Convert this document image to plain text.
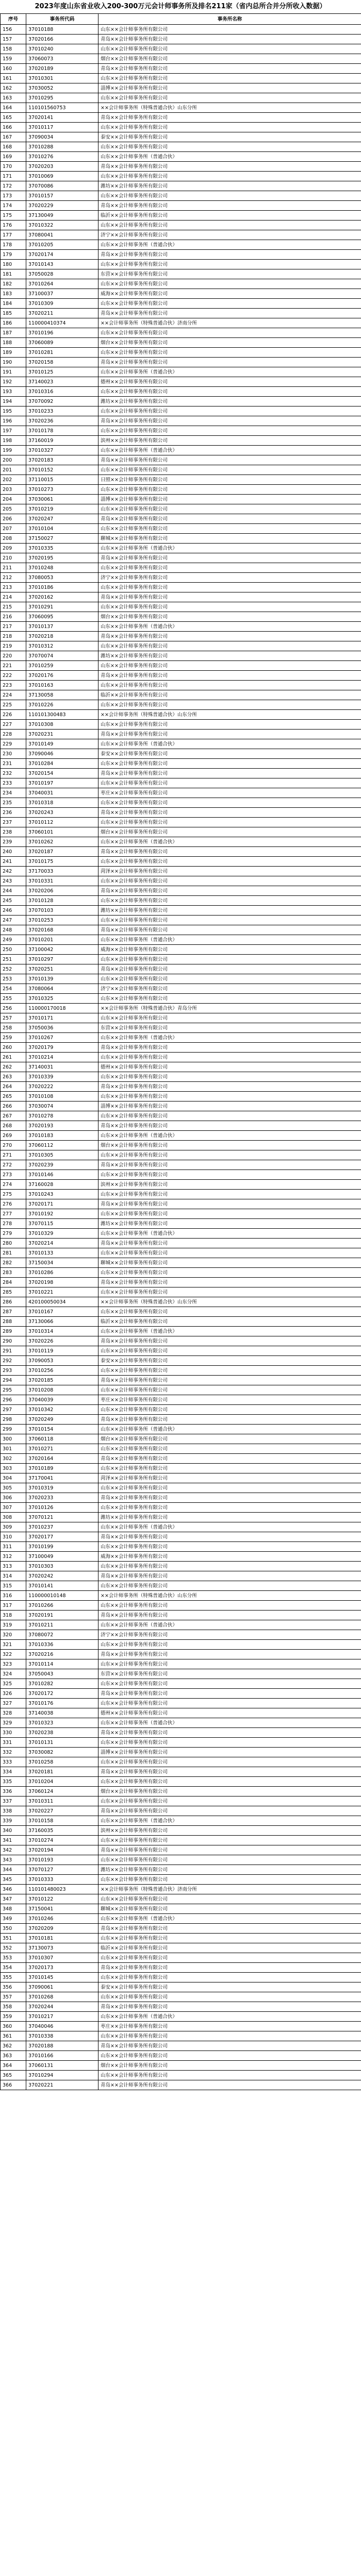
2023年度山东省业收入200-300万元会计师事务所及排名211家（省内总所合并分所收入数据）
序号	事务所代码	事务所名称
156	37010188	山东××会计师事务所有限公司
157	37020166	青岛××会计师事务所有限公司
158	37010240	山东××会计师事务所有限公司
159	37060073	烟台××会计师事务所有限公司
160	37020189	青岛××会计师事务所有限公司
161	37010301	山东××会计师事务所有限公司
162	37030052	淄博××会计师事务所有限公司
163	37010295	山东××会计师事务所有限公司
164	110101560753	××会计师事务所（特殊普通合伙）山东分所
165	37020141	青岛××会计师事务所有限公司
166	37010117	山东××会计师事务所有限公司
167	37090034	泰安××会计师事务所有限公司
168	37010288	山东××会计师事务所有限公司
169	37010276	山东××会计师事务所（普通合伙）
170	37020203	青岛××会计师事务所有限公司
171	37010069	山东××会计师事务所有限公司
172	37070086	潍坊××会计师事务所有限公司
173	37010157	山东××会计师事务所有限公司
174	37020229	青岛××会计师事务所有限公司
175	37130049	临沂××会计师事务所有限公司
176	37010322	山东××会计师事务所有限公司
177	37080041	济宁××会计师事务所有限公司
178	37010205	山东××会计师事务所（普通合伙）
179	37020174	青岛××会计师事务所有限公司
180	37010143	山东××会计师事务所有限公司
181	37050028	东营××会计师事务所有限公司
182	37010264	山东××会计师事务所有限公司
183	37100037	威海××会计师事务所有限公司
184	37010309	山东××会计师事务所有限公司
185	37020211	青岛××会计师事务所有限公司
186	110000410374	××会计师事务所（特殊普通合伙）济南分所
187	37010196	山东××会计师事务所有限公司
188	37060089	烟台××会计师事务所有限公司
189	37010281	山东××会计师事务所有限公司
190	37020158	青岛××会计师事务所有限公司
191	37010125	山东××会计师事务所（普通合伙）
192	37140023	德州××会计师事务所有限公司
193	37010316	山东××会计师事务所有限公司
194	37070092	潍坊××会计师事务所有限公司
195	37010233	山东××会计师事务所有限公司
196	37020236	青岛××会计师事务所有限公司
197	37010178	山东××会计师事务所有限公司
198	37160019	滨州××会计师事务所有限公司
199	37010327	山东××会计师事务所（普通合伙）
200	37020183	青岛××会计师事务所有限公司
201	37010152	山东××会计师事务所有限公司
202	37110015	日照××会计师事务所有限公司
203	37010273	山东××会计师事务所有限公司
204	37030061	淄博××会计师事务所有限公司
205	37010219	山东××会计师事务所有限公司
206	37020247	青岛××会计师事务所有限公司
207	37010104	山东××会计师事务所有限公司
208	37150027	聊城××会计师事务所有限公司
209	37010335	山东××会计师事务所（普通合伙）
210	37020195	青岛××会计师事务所有限公司
211	37010248	山东××会计师事务所有限公司
212	37080053	济宁××会计师事务所有限公司
213	37010186	山东××会计师事务所有限公司
214	37020162	青岛××会计师事务所有限公司
215	37010291	山东××会计师事务所有限公司
216	37060095	烟台××会计师事务所有限公司
217	37010137	山东××会计师事务所（普通合伙）
218	37020218	青岛××会计师事务所有限公司
219	37010312	山东××会计师事务所有限公司
220	37070074	潍坊××会计师事务所有限公司
221	37010259	山东××会计师事务所有限公司
222	37020176	青岛××会计师事务所有限公司
223	37010163	山东××会计师事务所有限公司
224	37130058	临沂××会计师事务所有限公司
225	37010226	山东××会计师事务所有限公司
226	110101300483	××会计师事务所（特殊普通合伙）山东分所
227	37010308	山东××会计师事务所有限公司
228	37020231	青岛××会计师事务所有限公司
229	37010149	山东××会计师事务所（普通合伙）
230	37090046	泰安××会计师事务所有限公司
231	37010284	山东××会计师事务所有限公司
232	37020154	青岛××会计师事务所有限公司
233	37010197	山东××会计师事务所有限公司
234	37040031	枣庄××会计师事务所有限公司
235	37010318	山东××会计师事务所有限公司
236	37020243	青岛××会计师事务所有限公司
237	37010112	山东××会计师事务所有限公司
238	37060101	烟台××会计师事务所有限公司
239	37010262	山东××会计师事务所（普通合伙）
240	37020187	青岛××会计师事务所有限公司
241	37010175	山东××会计师事务所有限公司
242	37170033	菏泽××会计师事务所有限公司
243	37010331	山东××会计师事务所有限公司
244	37020206	青岛××会计师事务所有限公司
245	37010128	山东××会计师事务所有限公司
246	37070103	潍坊××会计师事务所有限公司
247	37010253	山东××会计师事务所有限公司
248	37020168	青岛××会计师事务所有限公司
249	37010201	山东××会计师事务所（普通合伙）
250	37100042	威海××会计师事务所有限公司
251	37010297	山东××会计师事务所有限公司
252	37020251	青岛××会计师事务所有限公司
253	37010139	山东××会计师事务所有限公司
254	37080064	济宁××会计师事务所有限公司
255	37010325	山东××会计师事务所有限公司
256	110000170018	××会计师事务所（特殊普通合伙）青岛分所
257	37010171	山东××会计师事务所有限公司
258	37050036	东营××会计师事务所有限公司
259	37010267	山东××会计师事务所（普通合伙）
260	37020179	青岛××会计师事务所有限公司
261	37010214	山东××会计师事务所有限公司
262	37140031	德州××会计师事务所有限公司
263	37010339	山东××会计师事务所有限公司
264	37020222	青岛××会计师事务所有限公司
265	37010108	山东××会计师事务所有限公司
266	37030074	淄博××会计师事务所有限公司
267	37010278	山东××会计师事务所有限公司
268	37020193	青岛××会计师事务所有限公司
269	37010183	山东××会计师事务所（普通合伙）
270	37060112	烟台××会计师事务所有限公司
271	37010305	山东××会计师事务所有限公司
272	37020239	青岛××会计师事务所有限公司
273	37010146	山东××会计师事务所有限公司
274	37160028	滨州××会计师事务所有限公司
275	37010243	山东××会计师事务所有限公司
276	37020171	青岛××会计师事务所有限公司
277	37010192	山东××会计师事务所有限公司
278	37070115	潍坊××会计师事务所有限公司
279	37010329	山东××会计师事务所（普通合伙）
280	37020214	青岛××会计师事务所有限公司
281	37010133	山东××会计师事务所有限公司
282	37150034	聊城××会计师事务所有限公司
283	37010286	山东××会计师事务所有限公司
284	37020198	青岛××会计师事务所有限公司
285	37010221	山东××会计师事务所有限公司
286	420100050034	××会计师事务所（特殊普通合伙）山东分所
287	37010167	山东××会计师事务所有限公司
288	37130066	临沂××会计师事务所有限公司
289	37010314	山东××会计师事务所（普通合伙）
290	37020226	青岛××会计师事务所有限公司
291	37010119	山东××会计师事务所有限公司
292	37090053	泰安××会计师事务所有限公司
293	37010256	山东××会计师事务所有限公司
294	37020185	青岛××会计师事务所有限公司
295	37010208	山东××会计师事务所有限公司
296	37040039	枣庄××会计师事务所有限公司
297	37010342	山东××会计师事务所有限公司
298	37020249	青岛××会计师事务所有限公司
299	37010154	山东××会计师事务所（普通合伙）
300	37060118	烟台××会计师事务所有限公司
301	37010271	山东××会计师事务所有限公司
302	37020164	青岛××会计师事务所有限公司
303	37010189	山东××会计师事务所有限公司
304	37170041	菏泽××会计师事务所有限公司
305	37010319	山东××会计师事务所有限公司
306	37020233	青岛××会计师事务所有限公司
307	37010126	山东××会计师事务所有限公司
308	37070121	潍坊××会计师事务所有限公司
309	37010237	山东××会计师事务所（普通合伙）
310	37020177	青岛××会计师事务所有限公司
311	37010199	山东××会计师事务所有限公司
312	37100049	威海××会计师事务所有限公司
313	37010303	山东××会计师事务所有限公司
314	37020242	青岛××会计师事务所有限公司
315	37010141	山东××会计师事务所有限公司
316	110000010148	××会计师事务所（特殊普通合伙）山东分所
317	37010266	山东××会计师事务所有限公司
318	37020191	青岛××会计师事务所有限公司
319	37010211	山东××会计师事务所（普通合伙）
320	37080072	济宁××会计师事务所有限公司
321	37010336	山东××会计师事务所有限公司
322	37020216	青岛××会计师事务所有限公司
323	37010114	山东××会计师事务所有限公司
324	37050043	东营××会计师事务所有限公司
325	37010282	山东××会计师事务所有限公司
326	37020172	青岛××会计师事务所有限公司
327	37010176	山东××会计师事务所有限公司
328	37140038	德州××会计师事务所有限公司
329	37010323	山东××会计师事务所（普通合伙）
330	37020238	青岛××会计师事务所有限公司
331	37010131	山东××会计师事务所有限公司
332	37030082	淄博××会计师事务所有限公司
333	37010258	山东××会计师事务所有限公司
334	37020181	青岛××会计师事务所有限公司
335	37010204	山东××会计师事务所有限公司
336	37060124	烟台××会计师事务所有限公司
337	37010311	山东××会计师事务所有限公司
338	37020227	青岛××会计师事务所有限公司
339	37010158	山东××会计师事务所（普通合伙）
340	37160035	滨州××会计师事务所有限公司
341	37010274	山东××会计师事务所有限公司
342	37020194	青岛××会计师事务所有限公司
343	37010193	山东××会计师事务所有限公司
344	37070127	潍坊××会计师事务所有限公司
345	37010333	山东××会计师事务所有限公司
346	110101480023	××会计师事务所（特殊普通合伙）济南分所
347	37010122	山东××会计师事务所有限公司
348	37150041	聊城××会计师事务所有限公司
349	37010246	山东××会计师事务所（普通合伙）
350	37020209	青岛××会计师事务所有限公司
351	37010181	山东××会计师事务所有限公司
352	37130073	临沂××会计师事务所有限公司
353	37010307	山东××会计师事务所有限公司
354	37020173	青岛××会计师事务所有限公司
355	37010145	山东××会计师事务所有限公司
356	37090061	泰安××会计师事务所有限公司
357	37010268	山东××会计师事务所有限公司
358	37020244	青岛××会计师事务所有限公司
359	37010217	山东××会计师事务所（普通合伙）
360	37040046	枣庄××会计师事务所有限公司
361	37010338	山东××会计师事务所有限公司
362	37020188	青岛××会计师事务所有限公司
363	37010166	山东××会计师事务所有限公司
364	37060131	烟台××会计师事务所有限公司
365	37010294	山东××会计师事务所有限公司
366	37020221	青岛××会计师事务所有限公司
